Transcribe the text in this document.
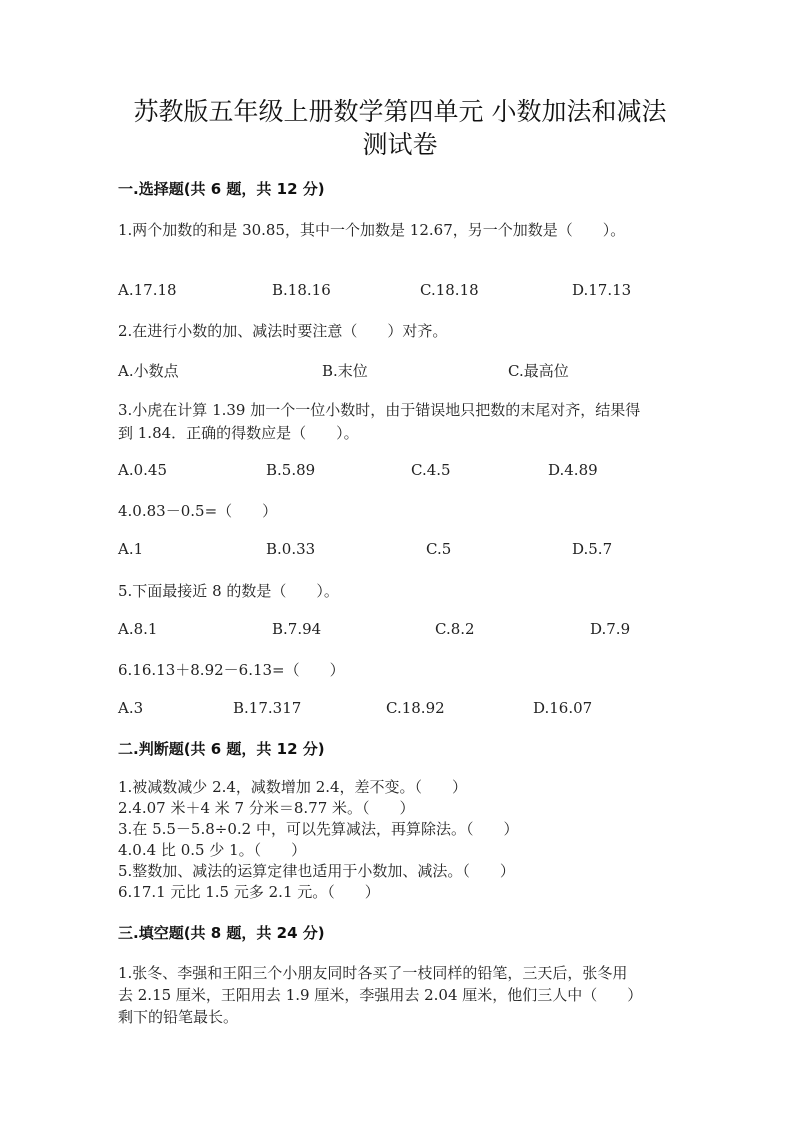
苏教版五年级上册数学第四单元 小数加法和减法
测试卷
一.选择题(共 6 题，共 12 分)
1.两个加数的和是 30.85，其中一个加数是 12.67，另一个加数是（　　）。
A.17.18	B.18.16	C.18.18	D.17.13
2.在进行小数的加、减法时要注意（　　）对齐。
A.小数点	B.末位	C.最高位
3.小虎在计算 1.39 加一个一位小数时，由于错误地只把数的末尾对齐，结果得
到 1.84．正确的得数应是（　　）。
A.0.45	B.5.89	C.4.5	D.4.89
4.0.83－0.5=（　　）
A.1	B.0.33	C.5	D.5.7
5.下面最接近 8 的数是（　　）。
A.8.1	B.7.94	C.8.2	D.7.9
6.16.13＋8.92－6.13=（　　）
A.3	B.17.317	C.18.92	D.16.07
二.判断题(共 6 题，共 12 分)
1.被减数减少 2.4，减数增加 2.4，差不变。（　　）
2.4.07 米＋4 米 7 分米＝8.77 米。（　　）
3.在 5.5－5.8÷0.2 中，可以先算减法，再算除法。（　　）
4.0.4 比 0.5 少 1。（　　）
5.整数加、减法的运算定律也适用于小数加、减法。（　　）
6.17.1 元比 1.5 元多 2.1 元。（　　）
三.填空题(共 8 题，共 24 分)
1.张冬、李强和王阳三个小朋友同时各买了一枝同样的铅笔，三天后，张冬用
去 2.15 厘米，王阳用去 1.9 厘米，李强用去 2.04 厘米，他们三人中（　　）
剩下的铅笔最长。
